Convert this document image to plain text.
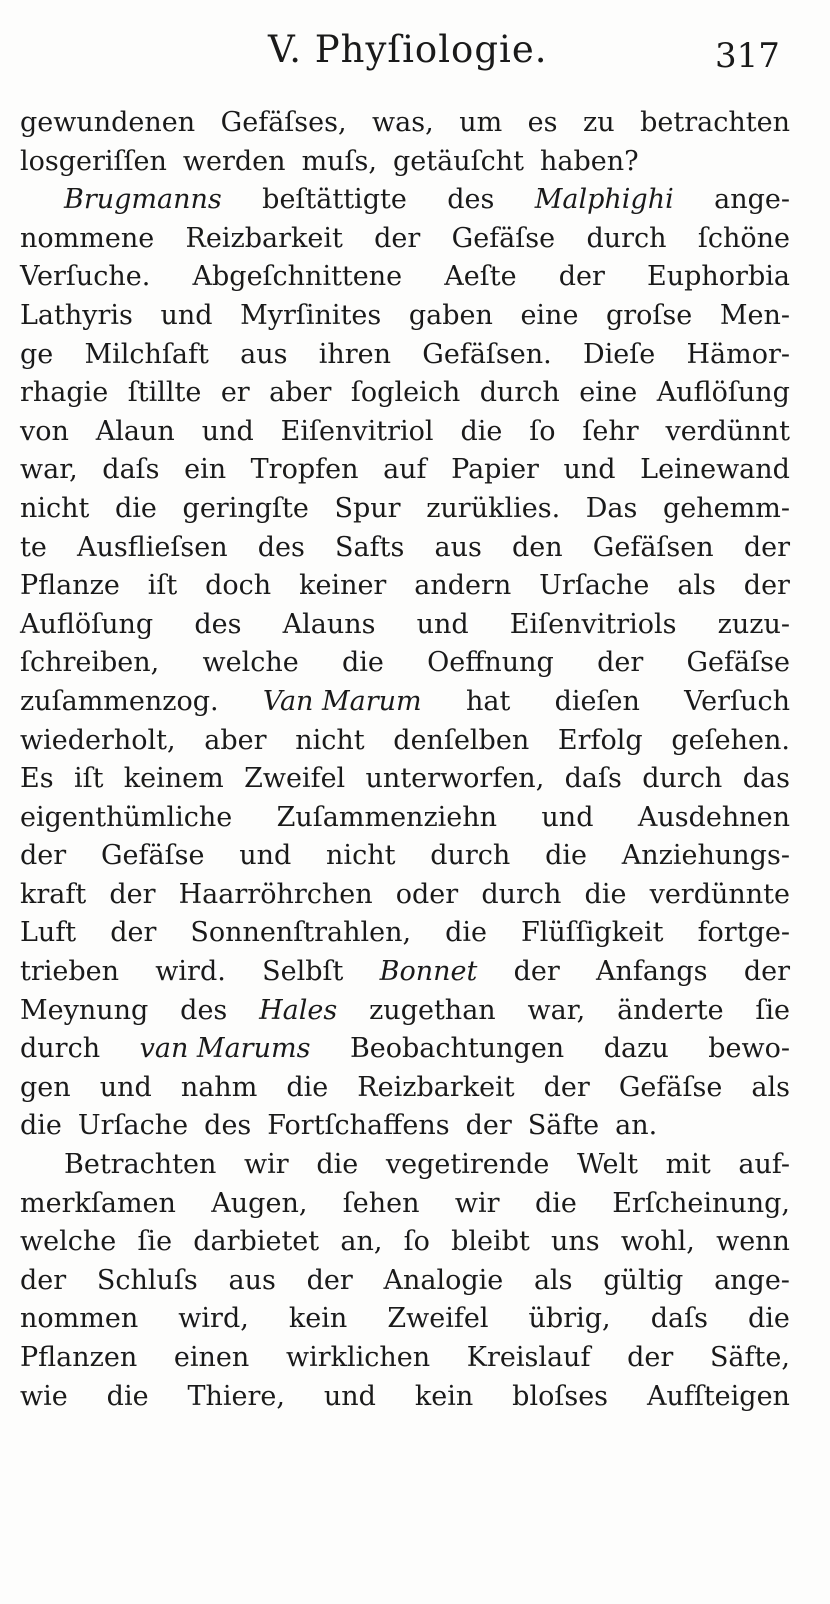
V. Phyſiologie.	317
gewundenen Gefäſses, was, um es zu betrachten
losgeriſſen werden muſs, getäuſcht haben?
Brugmanns beſtättigte des Malphighi ange-
nommene Reizbarkeit der Gefäſse durch ſchöne
Verſuche. Abgeſchnittene Aeſte der Euphorbia
Lathyris und Myrſinites gaben eine groſse Men-
ge Milchſaft aus ihren Gefäſsen. Dieſe Hämor-
rhagie ſtillte er aber ſogleich durch eine Auflöſung
von Alaun und Eiſenvitriol die ſo ſehr verdünnt
war, daſs ein Tropfen auf Papier und Leinewand
nicht die geringſte Spur zurüklies. Das gehemm-
te Ausflieſsen des Safts aus den Gefäſsen der
Pflanze iſt doch keiner andern Urſache als der
Auflöſung des Alauns und Eiſenvitriols zuzu-
ſchreiben, welche die Oeffnung der Gefäſse
zuſammenzog. Van Marum hat dieſen Verſuch
wiederholt, aber nicht denſelben Erfolg geſehen.
Es iſt keinem Zweifel unterworfen, daſs durch das
eigenthümliche Zuſammenziehn und Ausdehnen
der Gefäſse und nicht durch die Anziehungs-
kraft der Haarröhrchen oder durch die verdünnte
Luft der Sonnenſtrahlen, die Flüſſigkeit fortge-
trieben wird. Selbſt Bonnet der Anfangs der
Meynung des Hales zugethan war, änderte ſie
durch van Marums Beobachtungen dazu bewo-
gen und nahm die Reizbarkeit der Gefäſse als
die Urſache des Fortſchaffens der Säfte an.
Betrachten wir die vegetirende Welt mit auf-
merkſamen Augen, ſehen wir die Erſcheinung,
welche ſie darbietet an, ſo bleibt uns wohl, wenn
der Schluſs aus der Analogie als gültig ange-
nommen wird, kein Zweifel übrig, daſs die
Pflanzen einen wirklichen Kreislauf der Säfte,
wie die Thiere, und kein bloſses Aufſteigen
